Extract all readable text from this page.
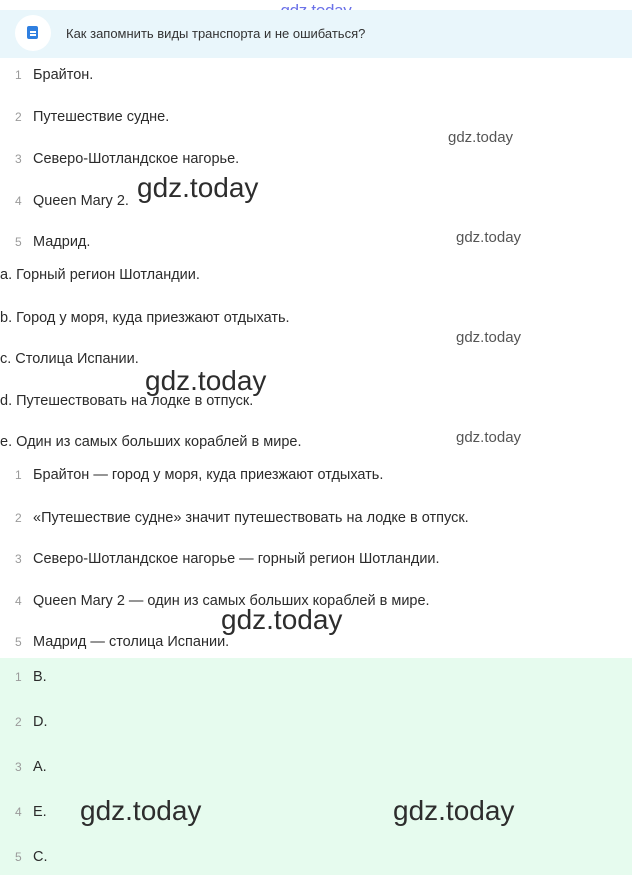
Как запомнить виды транспорта и не ошибаться?
1 Брайтон.
2 Путешествие судне.
3 Северо-Шотландское нагорье.
4 Queen Mary 2.
5 Мадрид.
a. Горный регион Шотландии.
b. Город у моря, куда приезжают отдыхать.
c. Столица Испании.
d. Путешествовать на лодке в отпуск.
e. Один из самых больших кораблей в мире.
1 Брайтон — город у моря, куда приезжают отдыхать.
2 «Путешествие судне» значит путешествовать на лодке в отпуск.
3 Северо-Шотландское нагорье — горный регион Шотландии.
4 Queen Mary 2 — один из самых больших кораблей в мире.
5 Мадрид — столица Испании.
1 B.
2 D.
3 A.
4 E.
5 C.
gdz.today
gdz.today
gdz.today
gdz.today
gdz.today
gdz.today
gdz.today
gdz.today	gdz.today
